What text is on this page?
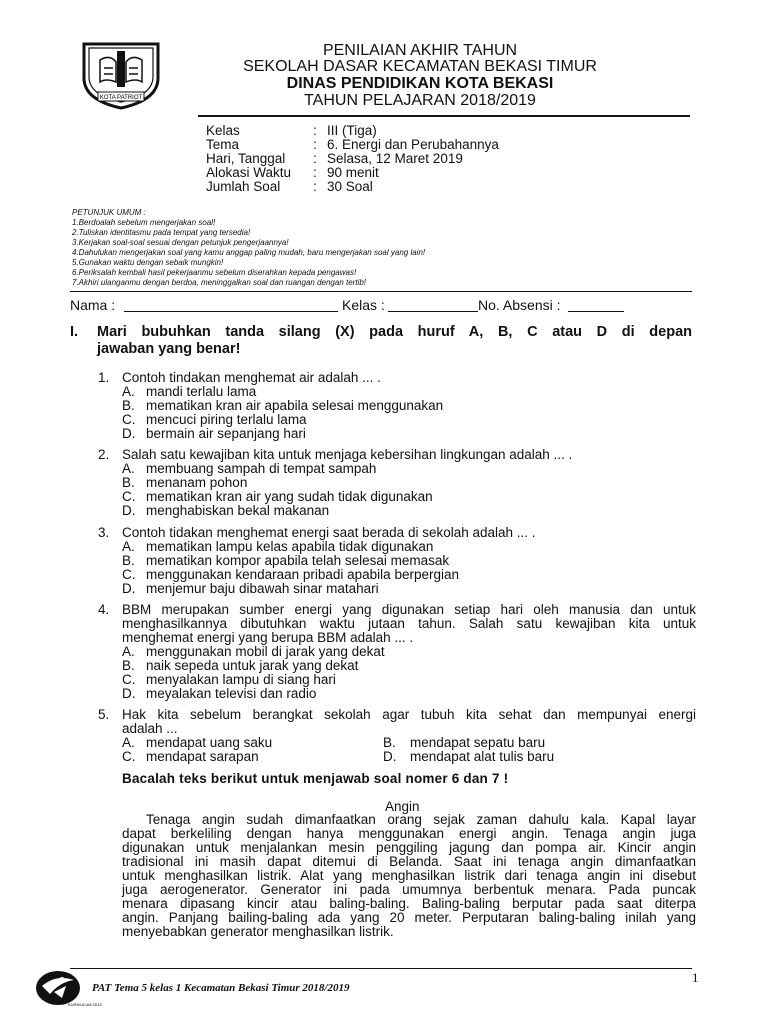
KOTA PATRIOT
PENILAIAN AKHIR TAHUN
SEKOLAH DASAR KECAMATAN BEKASI TIMUR
DINAS PENDIDIKAN KOTA BEKASI
TAHUN PELAJARAN 2018/2019
Kelas	: III (Tiga)
Tema	: 6. Energi dan Perubahannya
Hari, Tanggal	: Selasa, 12 Maret 2019
Alokasi Waktu	: 90 menit
Jumlah Soal	: 30 Soal
PETUNJUK UMUM :
1.Berdoalah sebelum mengerjakan soal!
2.Tuliskan identitasmu pada tempat yang tersedia!
3.Kerjakan soal-soal sesuai dengan petunjuk pengerjaannya!
4.Dahulukan mengerjakan soal yang kamu anggap paling mudah, baru mengerjakan soal yang lain!
5.Gunakan waktu dengan sebaik mungkin!
6.Periksalah kembali hasil pekerjaanmu sebelum diserahkan kepada pengawas!
7.Akhiri ulanganmu dengan berdoa, meninggalkan soal dan ruangan dengan tertib!
Nama :	Kelas :	No. Absensi :
I. Mari bubuhkan tanda silang (X) pada huruf A, B, C atau D di depan
jawaban yang benar!
1. Contoh tindakan menghemat air adalah ... .
A. mandi terlalu lama
B. mematikan kran air apabila selesai menggunakan
C. mencuci piring terlalu lama
D. bermain air sepanjang hari
2. Salah satu kewajiban kita untuk menjaga kebersihan lingkungan adalah ... .
A. membuang sampah di tempat sampah
B. menanam pohon
C. mematikan kran air yang sudah tidak digunakan
D. menghabiskan bekal makanan
3. Contoh tidakan menghemat energi saat berada di sekolah adalah ... .
A. mematikan lampu kelas apabila tidak digunakan
B. mematikan kompor apabila telah selesai memasak
C. menggunakan kendaraan pribadi apabila berpergian
D. menjemur baju dibawah sinar matahari
4. BBM merupakan sumber energi yang digunakan setiap hari oleh manusia dan untuk
menghasilkannya dibutuhkan waktu jutaan tahun. Salah satu kewajiban kita untuk
menghemat energi yang berupa BBM adalah ... .
A. menggunakan mobil di jarak yang dekat
B. naik sepeda untuk jarak yang dekat
C. menyalakan lampu di siang hari
D. meyalakan televisi dan radio
5. Hak kita sebelum berangkat sekolah agar tubuh kita sehat dan mempunyai energi
adalah ...
A. mendapat uang saku	B. mendapat sepatu baru
C. mendapat sarapan	D. mendapat alat tulis baru
Bacalah teks berikut untuk menjawab soal nomer 6 dan 7 !
Angin
Tenaga angin sudah dimanfaatkan orang sejak zaman dahulu kala. Kapal layar
dapat berkeliling dengan hanya menggunakan energi angin. Tenaga angin juga
digunakan untuk menjalankan mesin penggiling jagung dan pompa air. Kincir angin
tradisional ini masih dapat ditemui di Belanda. Saat ini tenaga angin dimanfaatkan
untuk menghasilkan listrik. Alat yang menghasilkan listrik dari tenaga angin ini disebut
juga aerogenerator. Generator ini pada umumnya berbentuk menara. Pada puncak
menara dipasang kincir atau baling-baling. Baling-baling berputar pada saat diterpa
angin. Panjang bailing-baling ada yang 20 meter. Perputaran baling-baling inilah yang
menyebabkan generator menghasilkan listrik.
1
KURIKULUM 2013
PAT Tema 5 kelas 1 Kecamatan Bekasi Timur 2018/2019
